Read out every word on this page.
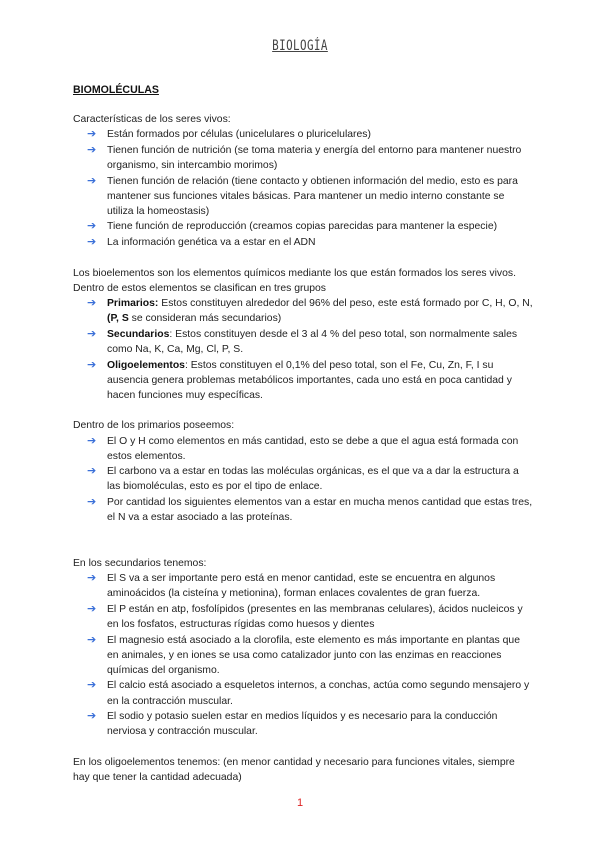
BIOLOGÍA
BIOMOLÉCULAS

Características de los seres vivos:

➔ Están formados por células (unicelulares o pluricelulares)
➔ Tienen función de nutrición (se toma materia y energía del entorno para mantener nuestro organismo, sin intercambio morimos)
➔ Tienen función de relación (tiene contacto y obtienen información del medio, esto es para mantener sus funciones vitales básicas. Para mantener un medio interno constante se utiliza la homeostasis)
➔ Tiene función de reproducción (creamos copias parecidas para mantener la especie)
➔ La información genética va a estar en el ADN

Los bioelementos son los elementos químicos mediante los que están formados los seres vivos. Dentro de estos elementos se clasifican en tres grupos

➔ Primarios: Estos constituyen alrededor del 96% del peso, este está formado por C, H, O, N, (P, S se consideran más secundarios)
➔ Secundarios: Estos constituyen desde el 3 al 4 % del peso total, son normalmente sales como Na, K, Ca, Mg, Cl, P, S.
➔ Oligoelementos: Estos constituyen el 0,1% del peso total, son el Fe, Cu, Zn, F, I su ausencia genera problemas metabólicos importantes, cada uno está en poca cantidad y hacen funciones muy específicas.

Dentro de los primarios poseemos:

➔ El O y H como elementos en más cantidad, esto se debe a que el agua está formada con estos elementos.
➔ El carbono va a estar en todas las moléculas orgánicas, es el que va a dar la estructura a las biomoléculas, esto es por el tipo de enlace.
➔ Por cantidad los siguientes elementos van a estar en mucha menos cantidad que estas tres, el N va a estar asociado a las proteínas.

En los secundarios tenemos:

➔ El S va a ser importante pero está en menor cantidad, este se encuentra en algunos aminoácidos (la cisteína y metionina), forman enlaces covalentes de gran fuerza.
➔ El P están en atp, fosfolípidos (presentes en las membranas celulares), ácidos nucleicos y en los fosfatos, estructuras rígidas como huesos y dientes
➔ El magnesio está asociado a la clorofila, este elemento es más importante en plantas que en animales, y en iones se usa como catalizador junto con las enzimas en reacciones químicas del organismo.
➔ El calcio está asociado a esqueletos internos, a conchas, actúa como segundo mensajero y en la contracción muscular.
➔ El sodio y potasio suelen estar en medios líquidos y es necesario para la conducción nerviosa y contracción muscular.

En los oligoelementos tenemos: (en menor cantidad y necesario para funciones vitales, siempre hay que tener la cantidad adecuada)

1
